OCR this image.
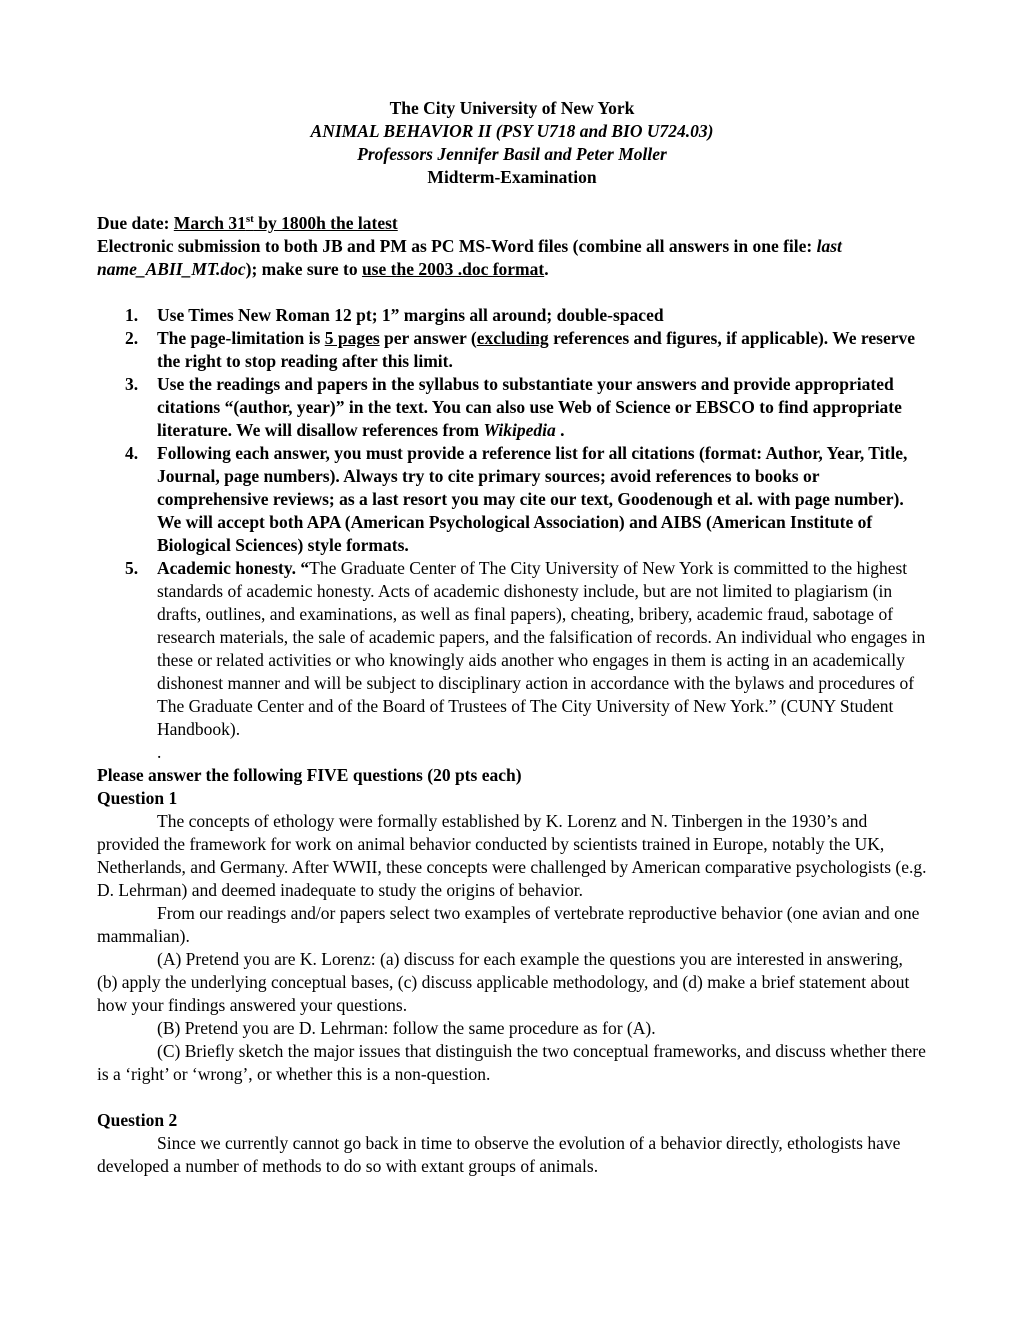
The City University of New York
ANIMAL BEHAVIOR II (PSY U718 and BIO U724.03)
Professors Jennifer Basil and Peter Moller
Midterm-Examination
Due date: March 31st by 1800h the latest
Electronic submission to both JB and PM as PC MS-Word files (combine all answers in one file: last name_ABII_MT.doc); make sure to use the 2003 .doc format.
1. Use Times New Roman 12 pt; 1” margins all around; double-spaced
2. The page-limitation is 5 pages per answer (excluding references and figures, if applicable). We reserve the right to stop reading after this limit.
3. Use the readings and papers in the syllabus to substantiate your answers and provide appropriated citations “(author, year)” in the text. You can also use Web of Science or EBSCO to find appropriate literature. We will disallow references from Wikipedia .
4. Following each answer, you must provide a reference list for all citations (format: Author, Year, Title, Journal, page numbers). Always try to cite primary sources; avoid references to books or comprehensive reviews; as a last resort you may cite our text, Goodenough et al. with page number). We will accept both APA (American Psychological Association) and AIBS (American Institute of Biological Sciences) style formats.
5. Academic honesty. “The Graduate Center of The City University of New York is committed to the highest standards of academic honesty. Acts of academic dishonesty include, but are not limited to plagiarism (in drafts, outlines, and examinations, as well as final papers), cheating, bribery, academic fraud, sabotage of research materials, the sale of academic papers, and the falsification of records. An individual who engages in these or related activities or who knowingly aids another who engages in them is acting in an academically dishonest manner and will be subject to disciplinary action in accordance with the bylaws and procedures of The Graduate Center and of the Board of Trustees of The City University of New York.” (CUNY Student Handbook).
.
Please answer the following FIVE questions (20 pts each)
Question 1

The concepts of ethology were formally established by K. Lorenz and N. Tinbergen in the 1930’s and provided the framework for work on animal behavior conducted by scientists trained in Europe, notably the UK, Netherlands, and Germany. After WWII, these concepts were challenged by American comparative psychologists (e.g. D. Lehrman) and deemed inadequate to study the origins of behavior.

From our readings and/or papers select two examples of vertebrate reproductive behavior (one avian and one mammalian).

(A) Pretend you are K. Lorenz: (a) discuss for each example the questions you are interested in answering, (b) apply the underlying conceptual bases, (c) discuss applicable methodology, and (d) make a brief statement about how your findings answered your questions.

(B) Pretend you are D. Lehrman: follow the same procedure as for (A).

(C) Briefly sketch the major issues that distinguish the two conceptual frameworks, and discuss whether there is a ‘right’ or ‘wrong’, or whether this is a non-question.

Question 2

Since we currently cannot go back in time to observe the evolution of a behavior directly, ethologists have developed a number of methods to do so with extant groups of animals.
